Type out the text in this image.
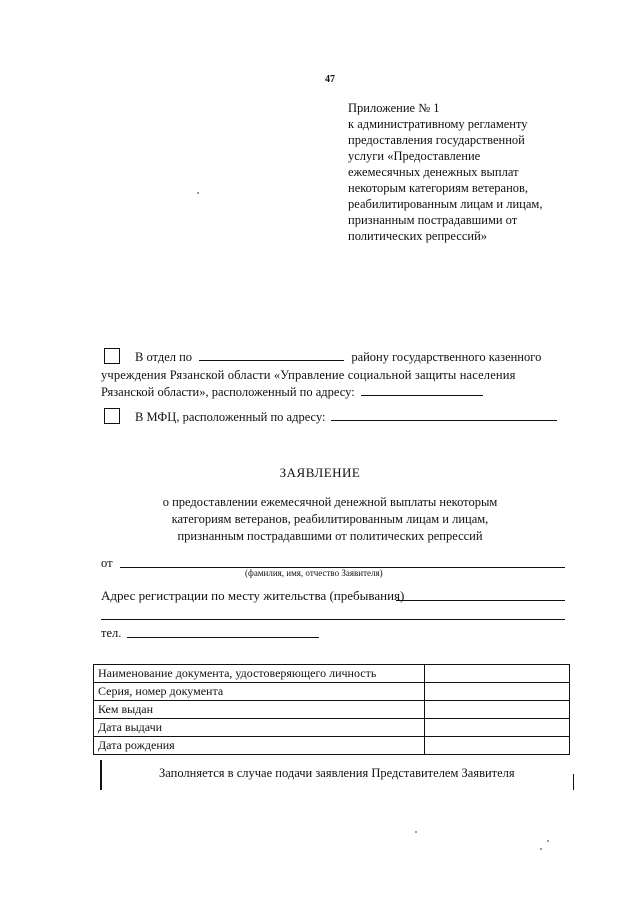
47
Приложение № 1
к административному регламенту
предоставления государственной
услуги «Предоставление
ежемесячных денежных выплат
некоторым категориям ветеранов,
реабилитированным лицам и лицам,
признанным пострадавшими от
политических репрессий»
В отдел по	району государственного казенного
учреждения Рязанской области «Управление социальной защиты населения
Рязанской области», расположенный по адресу:
В МФЦ, расположенный по адресу:
ЗАЯВЛЕНИЕ
о предоставлении ежемесячной денежной выплаты некоторым
категориям ветеранов, реабилитированным лицам и лицам,
признанным пострадавшими от политических репрессий
от
(фамилия, имя, отчество Заявителя)
Адрес регистрации по месту жительства (пребывания)
тел.
Наименование документа, удостоверяющего личность	
Серия, номер документа	
Кем выдан	
Дата выдачи	
Дата рождения	
Заполняется в случае подачи заявления Представителем Заявителя
